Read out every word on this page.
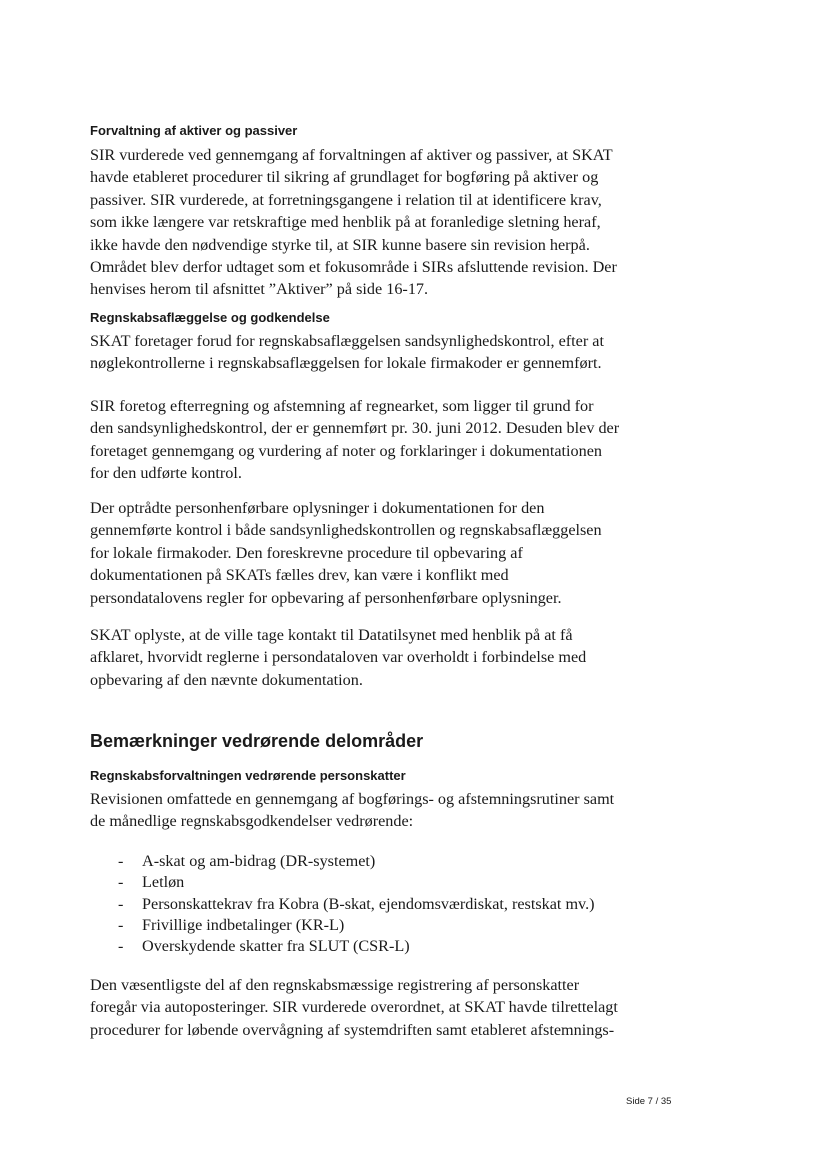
Forvaltning af aktiver og passiver

SIR vurderede ved gennemgang af forvaltningen af aktiver og passiver, at SKAT havde etableret procedurer til sikring af grundlaget for bogføring på aktiver og passiver. SIR vurderede, at forretningsgangene i relation til at identificere krav, som ikke længere var retskraftige med henblik på at foranledige sletning heraf, ikke havde den nødvendige styrke til, at SIR kunne basere sin revision herpå. Området blev derfor udtaget som et fokusområde i SIRs afsluttende revision. Der henvises herom til afsnittet ”Aktiver” på side 16-17.

Regnskabsaflæggelse og godkendelse

SKAT foretager forud for regnskabsaflæggelsen sandsynlighedskontrol, efter at nøglekontrollerne i regnskabsaflæggelsen for lokale firmakoder er gennemført.

SIR foretog efterregning og afstemning af regnearket, som ligger til grund for den sandsynlighedskontrol, der er gennemført pr. 30. juni 2012. Desuden blev der foretaget gennemgang og vurdering af noter og forklaringer i dokumentationen for den udførte kontrol.

Der optrådte personhenførbare oplysninger i dokumentationen for den gennemførte kontrol i både sandsynlighedskontrollen og regnskabsaflæggelsen for lokale firmakoder. Den foreskrevne procedure til opbevaring af dokumentationen på SKATs fælles drev, kan være i konflikt med persondatalovens regler for opbevaring af personhenførbare oplysninger.

SKAT oplyste, at de ville tage kontakt til Datatilsynet med henblik på at få afklaret, hvorvidt reglerne i persondataloven var overholdt i forbindelse med opbevaring af den nævnte dokumentation.

Bemærkninger vedrørende delområder
Regnskabsforvaltningen vedrørende personskatter

Revisionen omfattede en gennemgang af bogførings- og afstemningsrutiner samt de månedlige regnskabsgodkendelser vedrørende:

- A-skat og am-bidrag (DR-systemet)
- Letløn
- Personskattekrav fra Kobra (B-skat, ejendomsværdiskat, restskat mv.)
- Frivillige indbetalinger (KR-L)
- Overskydende skatter fra SLUT (CSR-L)

Den væsentligste del af den regnskabsmæssige registrering af personskatter foregår via autoposteringer. SIR vurderede overordnet, at SKAT havde tilrettelagt procedurer for løbende overvågning af systemdriften samt etableret afstemnings-

Side 7 / 35
